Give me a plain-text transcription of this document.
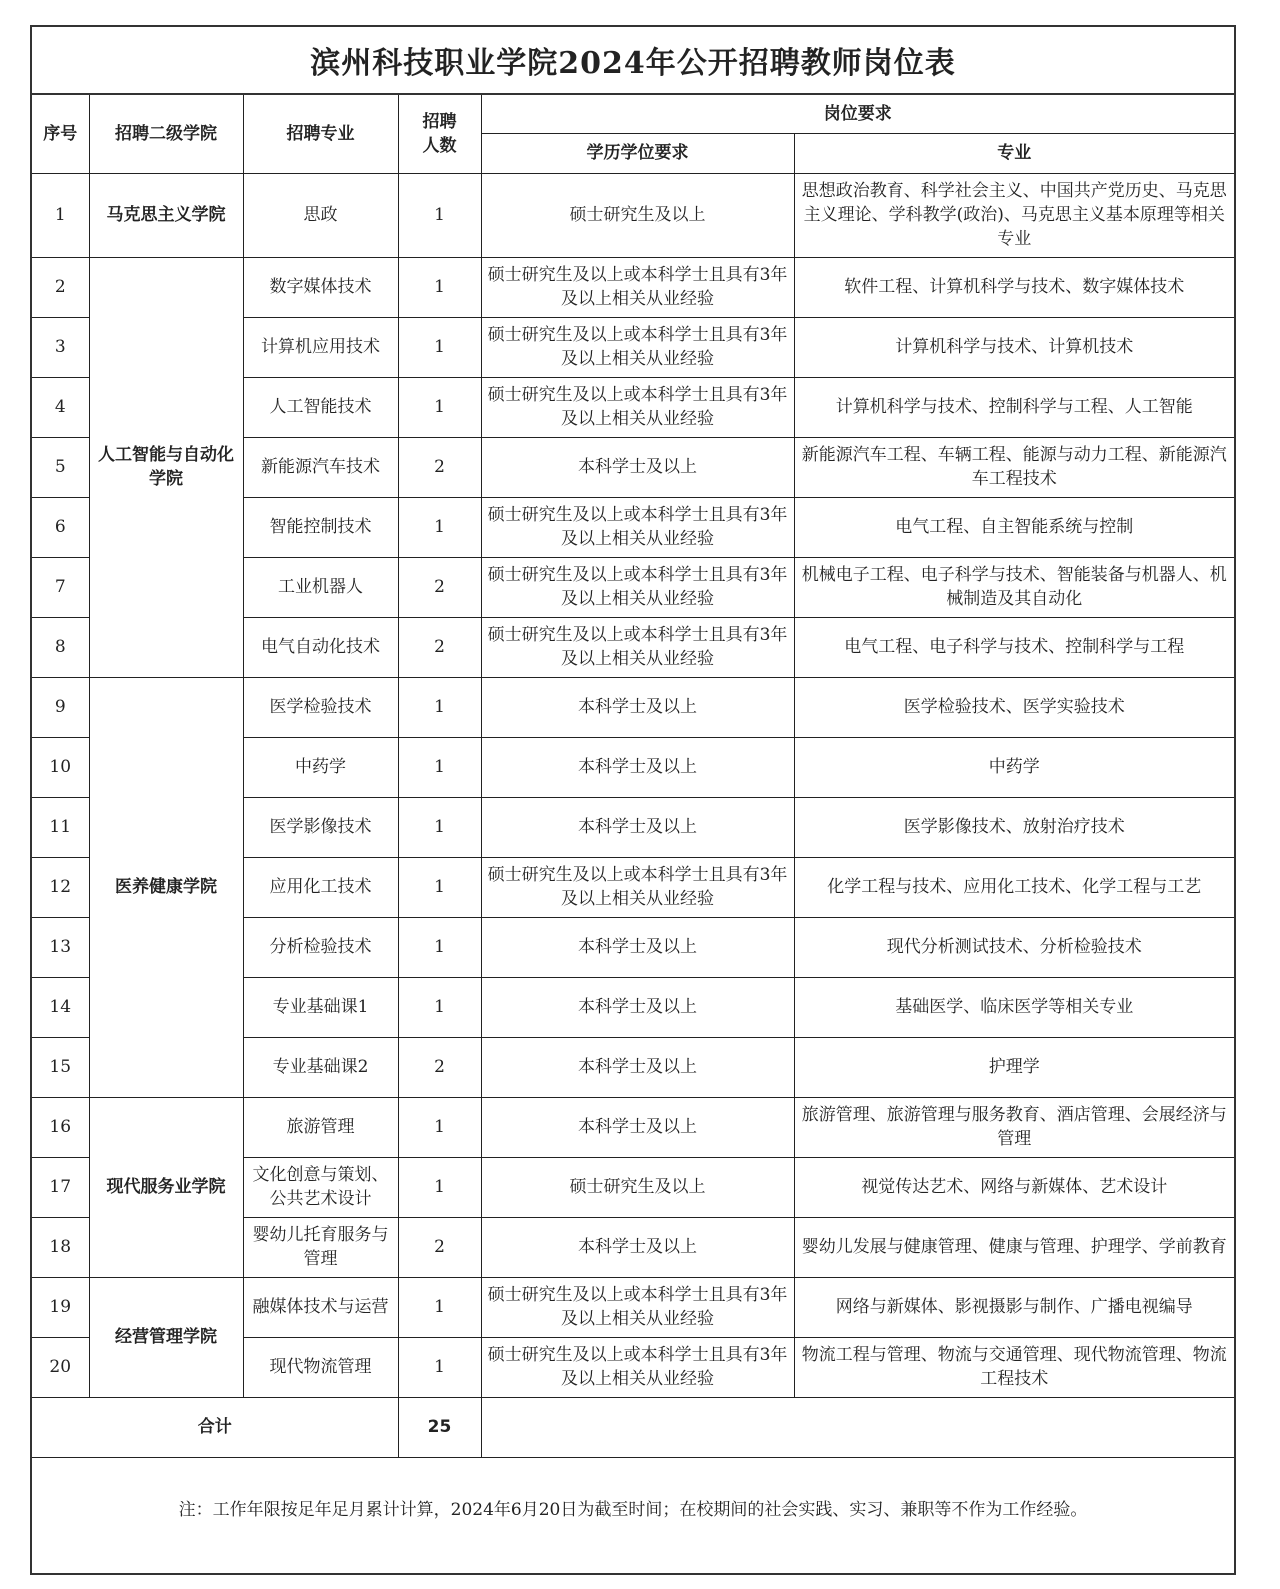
滨州科技职业学院2024年公开招聘教师岗位表
序号	招聘二级学院	招聘专业	招聘人数	岗位要求	
				学历学位要求	专业
1	马克思主义学院	思政	1	硕士研究生及以上	思想政治教育、科学社会主义、中国共产党历史、马克思主义理论、学科教学(政治)、马克思主义基本原理等相关专业
2	人工智能与自动化学院	数字媒体技术	1	硕士研究生及以上或本科学士且具有3年及以上相关从业经验	软件工程、计算机科学与技术、数字媒体技术
3		计算机应用技术	1	硕士研究生及以上或本科学士且具有3年及以上相关从业经验	计算机科学与技术、计算机技术
4		人工智能技术	1	硕士研究生及以上或本科学士且具有3年及以上相关从业经验	计算机科学与技术、控制科学与工程、人工智能
5		新能源汽车技术	2	本科学士及以上	新能源汽车工程、车辆工程、能源与动力工程、新能源汽车工程技术
6		智能控制技术	1	硕士研究生及以上或本科学士且具有3年及以上相关从业经验	电气工程、自主智能系统与控制
7		工业机器人	2	硕士研究生及以上或本科学士且具有3年及以上相关从业经验	机械电子工程、电子科学与技术、智能装备与机器人、机械制造及其自动化
8		电气自动化技术	2	硕士研究生及以上或本科学士且具有3年及以上相关从业经验	电气工程、电子科学与技术、控制科学与工程
9	医养健康学院	医学检验技术	1	本科学士及以上	医学检验技术、医学实验技术
10		中药学	1	本科学士及以上	中药学
11		医学影像技术	1	本科学士及以上	医学影像技术、放射治疗技术
12		应用化工技术	1	硕士研究生及以上或本科学士且具有3年及以上相关从业经验	化学工程与技术、应用化工技术、化学工程与工艺
13		分析检验技术	1	本科学士及以上	现代分析测试技术、分析检验技术
14		专业基础课1	1	本科学士及以上	基础医学、临床医学等相关专业
15		专业基础课2	2	本科学士及以上	护理学
16	现代服务业学院	旅游管理	1	本科学士及以上	旅游管理、旅游管理与服务教育、酒店管理、会展经济与管理
17		文化创意与策划、公共艺术设计	1	硕士研究生及以上	视觉传达艺术、网络与新媒体、艺术设计
18		婴幼儿托育服务与管理	2	本科学士及以上	婴幼儿发展与健康管理、健康与管理、护理学、学前教育
19	经营管理学院	融媒体技术与运营	1	硕士研究生及以上或本科学士且具有3年及以上相关从业经验	网络与新媒体、影视摄影与制作、广播电视编导
20		现代物流管理	1	硕士研究生及以上或本科学士且具有3年及以上相关从业经验	物流工程与管理、物流与交通管理、现代物流管理、物流工程技术
合计			25		
注：工作年限按足年足月累计计算，2024年6月20日为截至时间；在校期间的社会实践、实习、兼职等不作为工作经验。
